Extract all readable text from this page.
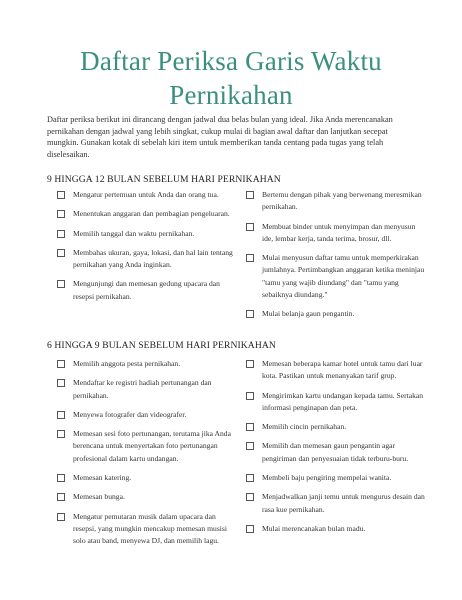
Daftar Periksa Garis Waktu
Pernikahan
Daftar periksa berikut ini dirancang dengan jadwal dua belas bulan yang ideal. Jika Anda merencanakan pernikahan dengan jadwal yang lebih singkat, cukup mulai di bagian awal daftar dan lanjutkan secepat mungkin. Gunakan kotak di sebelah kiri item untuk memberikan tanda centang pada tugas yang telah diselesaikan.
9 HINGGA 12 BULAN SEBELUM HARI PERNIKAHAN
Mengatur pertemuan untuk Anda dan orang tua.
Menentukan anggaran dan pembagian pengeluaran.
Memilih tanggal dan waktu pernikahan.
Membahas ukuran, gaya, lokasi, dan hal lain tentang pernikahan yang Anda inginkan.
Mengunjungi dan memesan gedung upacara dan resepsi pernikahan.
Bertemu dengan pihak yang berwenang meresmikan pernikahan.
Membuat binder untuk menyimpan dan menyusun ide, lembar kerja, tanda terima, brosur, dll.
Mulai menyusun daftar tamu untuk memperkirakan jumlahnya. Pertimbangkan anggaran ketika meninjau "tamu yang wajib diundang" dan "tamu yang sebaiknya diundang."
Mulai belanja gaun pengantin.
6 HINGGA 9 BULAN SEBELUM HARI PERNIKAHAN
Memilih anggota pesta pernikahan.
Mendaftar ke registri hadiah pertunangan dan pernikahan.
Menyewa fotografer dan videografer.
Memesan sesi foto pertunangan, terutama jika Anda berencana untuk menyertakan foto pertunangan profesional dalam kartu undangan.
Memesan katering.
Memesan bunga.
Mengatur pemutaran musik dalam upacara dan resepsi, yang mungkin mencakup memesan musisi solo atau band, menyewa DJ, dan memilih lagu.
Memesan beberapa kamar hotel untuk tamu dari luar kota. Pastikan untuk menanyakan tarif grup.
Mengirimkan kartu undangan kepada tamu. Sertakan informasi penginapan dan peta.
Memilih cincin pernikahan.
Memilih dan memesan gaun pengantin agar pengiriman dan penyesuaian tidak terburu-buru.
Membeli baju pengiring mempelai wanita.
Menjadwalkan janji temu untuk mengurus desain dan rasa kue pernikahan.
Mulai merencanakan bulan madu.
